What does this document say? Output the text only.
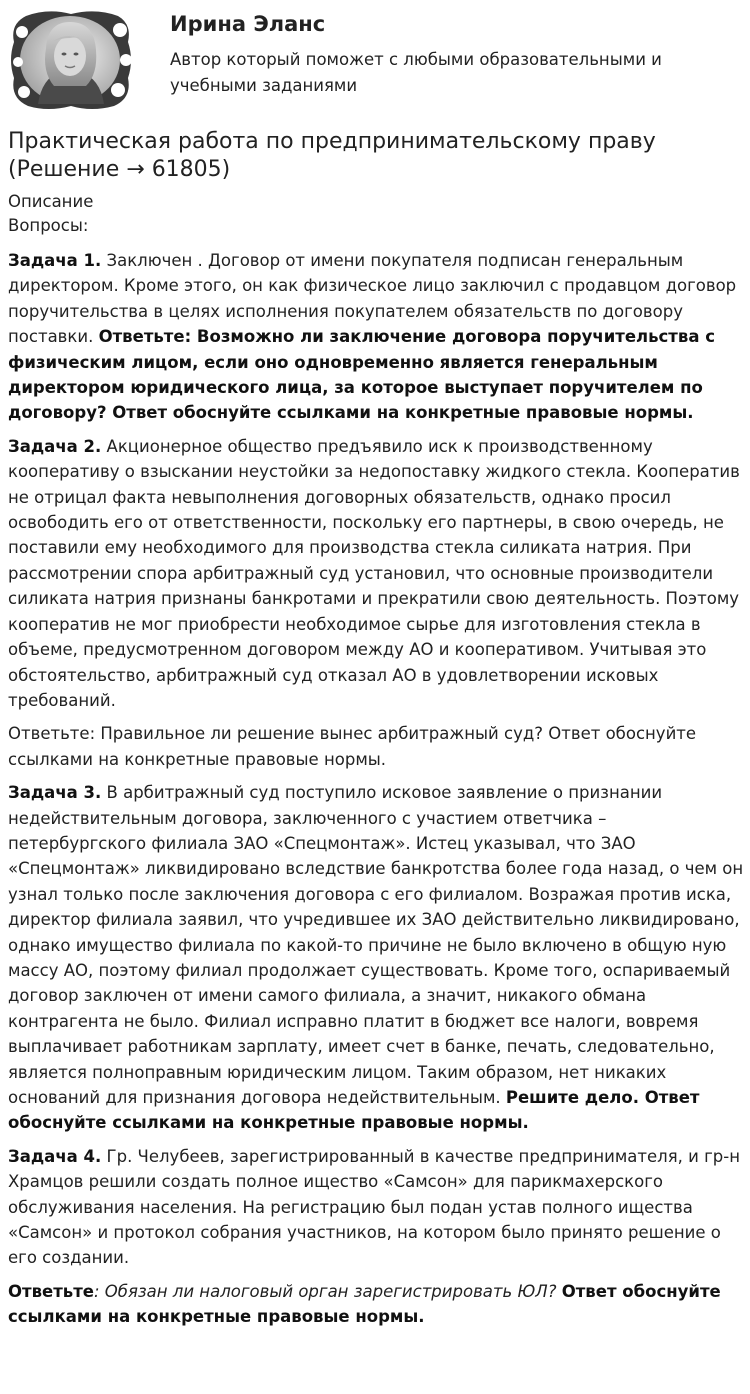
Ирина Эланс
Автор который поможет с любыми образовательными и учебными заданиями
Практическая работа по предпринимательскому праву (Решение → 61805)
Описание
Вопросы:

Задача 1. Заключен . Договор от имени покупателя подписан генеральным директором. Кроме этого, он как физическое лицо заключил с продавцом договор поручительства в целях исполнения покупателем обязательств по договору поставки. Ответьте: Возможно ли заключение договора поручительства с физическим лицом, если оно одновременно является генеральным директором юридического лица, за которое выступает поручителем по договору? Ответ обоснуйте ссылками на конкретные правовые нормы.

Задача 2. Акционерное общество предъявило иск к производственному кооперативу о взыскании неустойки за недопоставку жидкого стекла. Кооператив не отрицал факта невыполнения договорных обязательств, однако просил освободить его от ответственности, поскольку его партнеры, в свою очередь, не поставили ему необходимого для производства стекла силиката натрия. При рассмотрении спора арбитражный суд установил, что основные производители силиката натрия признаны банкротами и прекратили свою деятельность. Поэтому кооператив не мог приобрести необходимое сырье для изготовления стекла в объеме, предусмотренном договором между АО и кооперативом. Учитывая это обстоятельство, арбитражный суд отказал АО в удовлетворении исковых требований.

Ответьте: Правильное ли решение вынес арбитражный суд? Ответ обоснуйте ссылками на конкретные правовые нормы.

Задача 3. В арбитражный суд поступило исковое заявление о признании недействительным договора, заключенного с участием ответчика – петербургского филиала ЗАО «Спецмонтаж». Истец указывал, что ЗАО «Спецмонтаж» ликвидировано вследствие банкротства более года назад, о чем он узнал только после заключения договора с его филиалом. Возражая против иска, директор филиала заявил, что учредившее их ЗАО действительно ликвидировано, однако имущество филиала по какой-то причине не было включено в общую ную массу АО, поэтому филиал продолжает существовать. Кроме того, оспариваемый договор заключен от имени самого филиала, а значит, никакого обмана контрагента не было. Филиал исправно платит в бюджет все налоги, вовремя выплачивает работникам зарплату, имеет счет в банке, печать, следовательно, является полноправным юридическим лицом. Таким образом, нет никаких оснований для признания договора недействительным. Решите дело. Ответ обоснуйте ссылками на конкретные правовые нормы.

Задача 4. Гр. Челубеев, зарегистрированный в качестве предпринимателя, и гр-н Храмцов решили создать полное ищество «Самсон» для парикмахерского обслуживания населения. На регистрацию был подан устав полного ищества «Самсон» и протокол собрания участников, на котором было принято решение о его создании.

Ответьте: Обязан ли налоговый орган зарегистрировать ЮЛ? Ответ обоснуйте ссылками на конкретные правовые нормы.
